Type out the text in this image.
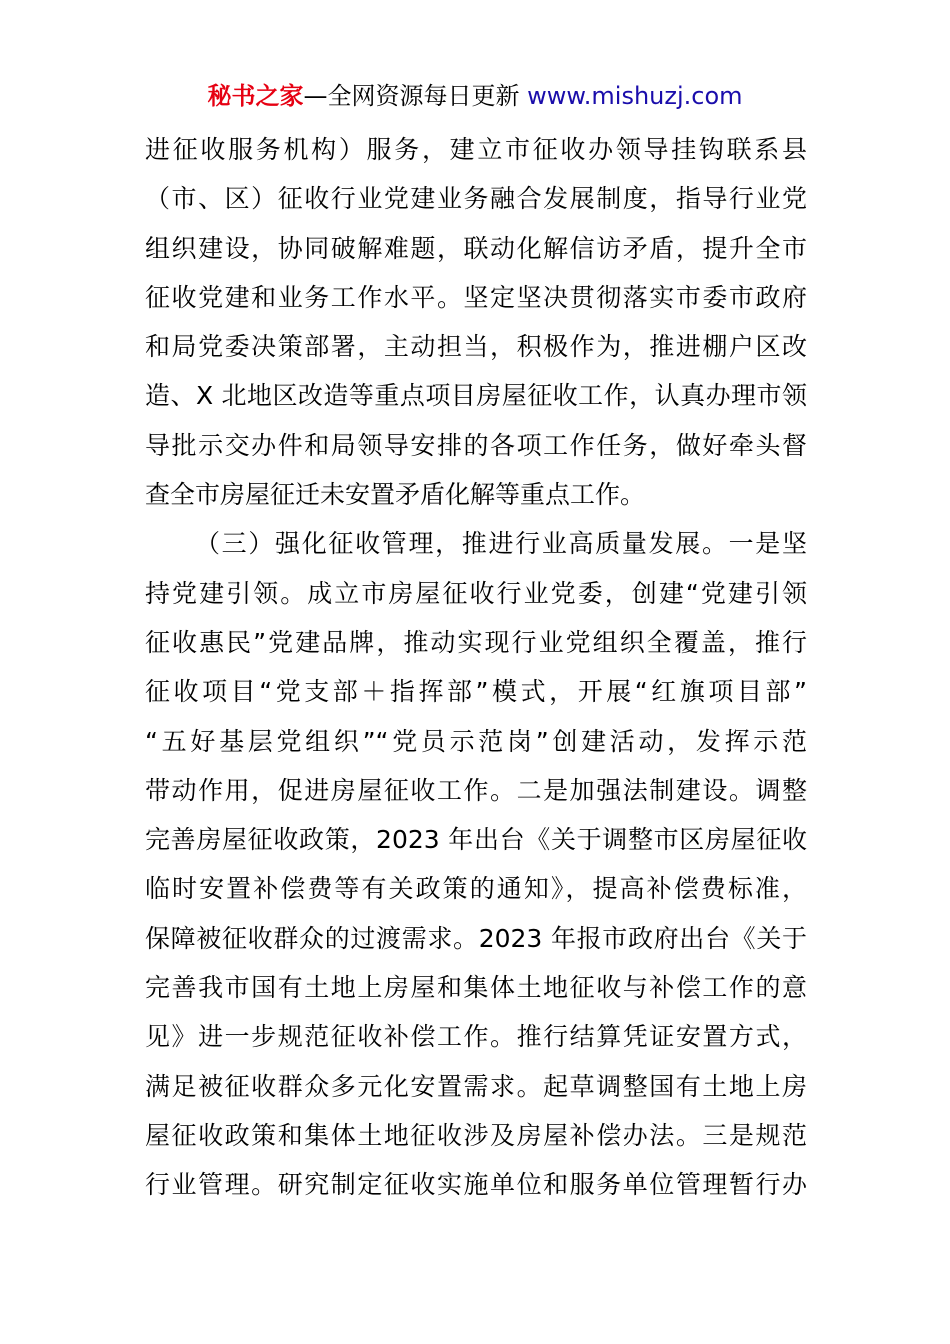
秘书之家—全网资源每日更新 www.mishuzj.com
进征收服务机构）服务，建立市征收办领导挂钩联系县
（市、区）征收行业党建业务融合发展制度，指导行业党
组织建设，协同破解难题，联动化解信访矛盾，提升全市
征收党建和业务工作水平。坚定坚决贯彻落实市委市政府
和局党委决策部署，主动担当，积极作为，推进棚户区改
造、X 北地区改造等重点项目房屋征收工作，认真办理市领
导批示交办件和局领导安排的各项工作任务，做好牵头督
查全市房屋征迁未安置矛盾化解等重点工作。
（三）强化征收管理，推进行业高质量发展。一是坚
持党建引领。成立市房屋征收行业党委，创建“党建引领
征收惠民”党建品牌，推动实现行业党组织全覆盖，推行
征收项目“党支部＋指挥部”模式，开展“红旗项目部”
“五好基层党组织”“党员示范岗”创建活动，发挥示范
带动作用，促进房屋征收工作。二是加强法制建设。调整
完善房屋征收政策，2023 年出台《关于调整市区房屋征收
临时安置补偿费等有关政策的通知》，提高补偿费标准，
保障被征收群众的过渡需求。2023 年报市政府出台《关于
完善我市国有土地上房屋和集体土地征收与补偿工作的意
见》进一步规范征收补偿工作。推行结算凭证安置方式，
满足被征收群众多元化安置需求。起草调整国有土地上房
屋征收政策和集体土地征收涉及房屋补偿办法。三是规范
行业管理。研究制定征收实施单位和服务单位管理暂行办
